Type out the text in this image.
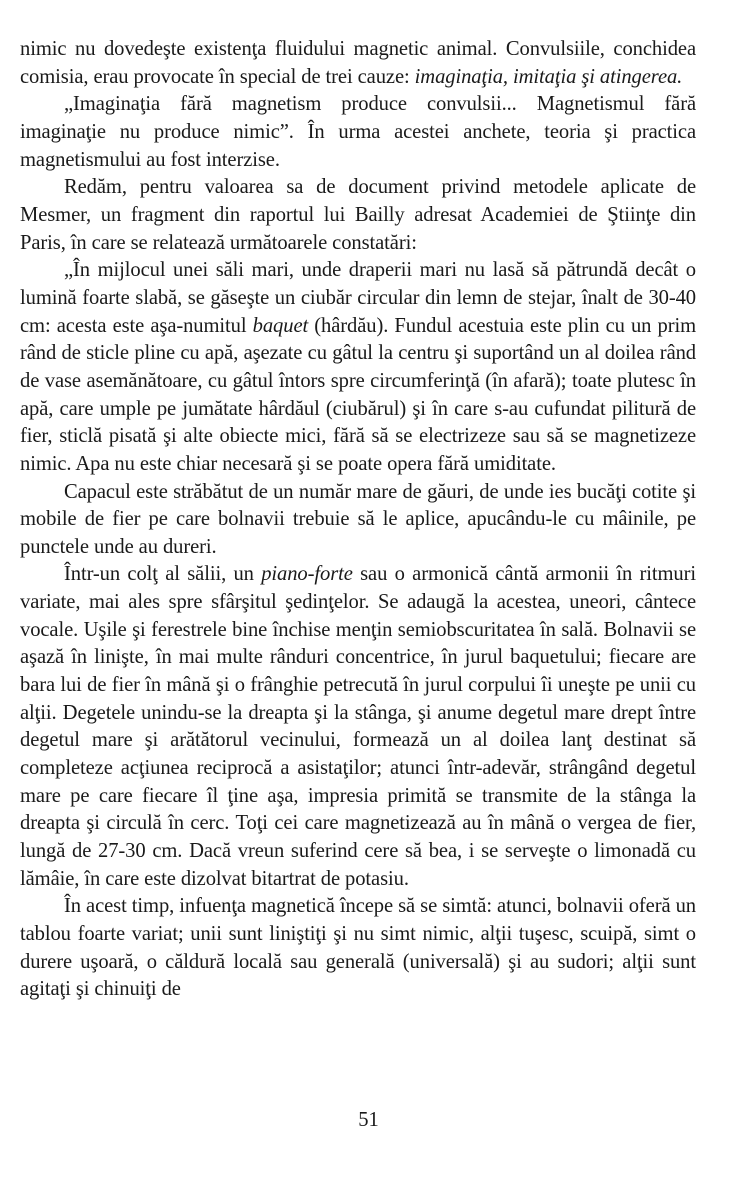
nimic nu dovedeşte existenţa fluidului magnetic animal. Convulsiile, conchidea comisia, erau provocate în special de trei cauze: imaginaţia, imitaţia şi atingerea.

„Imaginaţia fără magnetism produce convulsii... Magnetismul fără imaginaţie nu produce nimic”. În urma acestei anchete, teoria şi practica magnetismului au fost interzise.

Redăm, pentru valoarea sa de document privind metodele aplicate de Mesmer, un fragment din raportul lui Bailly adresat Academiei de Ştiinţe din Paris, în care se relatează următoarele constatări:

„În mijlocul unei săli mari, unde draperii mari nu lasă să pătrundă decât o lumină foarte slabă, se găseşte un ciubăr circular din lemn de stejar, înalt de 30-40 cm: acesta este aşa-numitul baquet (hârdău). Fundul acestuia este plin cu un prim rând de sticle pline cu apă, aşezate cu gâtul la centru şi suportând un al doilea rând de vase asemănătoare, cu gâtul întors spre circumferinţă (în afară); toate plutesc în apă, care umple pe jumătate hârdăul (ciubărul) şi în care s-au cufundat pilitură de fier, sticlă pisată şi alte obiecte mici, fără să se electrizeze sau să se magnetizeze nimic. Apa nu este chiar necesară şi se poate opera fără umiditate.

Capacul este străbătut de un număr mare de găuri, de unde ies bucăţi cotite şi mobile de fier pe care bolnavii trebuie să le aplice, apucându-le cu mâinile, pe punctele unde au dureri.

Într-un colţ al sălii, un piano-forte sau o armonică cântă armonii în ritmuri variate, mai ales spre sfârşitul şedinţelor. Se adaugă la acestea, uneori, cântece vocale. Uşile şi ferestrele bine închise menţin semiobscuritatea în sală. Bolnavii se aşază în linişte, în mai multe rânduri concentrice, în jurul baquetului; fiecare are bara lui de fier în mână şi o frânghie petrecută în jurul corpului îi uneşte pe unii cu alţii. Degetele unindu-se la dreapta şi la stânga, şi anume degetul mare drept între degetul mare şi arătătorul vecinului, formează un al doilea lanţ destinat să completeze acţiunea reciprocă a asistaţilor; atunci într-adevăr, strângând degetul mare pe care fiecare îl ţine aşa, impresia primită se transmite de la stânga la dreapta şi circulă în cerc. Toţi cei care magnetizează au în mână o vergea de fier, lungă de 27-30 cm. Dacă vreun suferind cere să bea, i se serveşte o limonadă cu lămâie, în care este dizolvat bitartrat de potasiu.

În acest timp, infuenţa magnetică începe să se simtă: atunci, bolnavii oferă un tablou foarte variat; unii sunt liniştiţi şi nu simt nimic, alţii tuşesc, scuipă, simt o durere uşoară, o căldură locală sau generală (universală) şi au sudori; alţii sunt agitaţi şi chinuiţi de

51
